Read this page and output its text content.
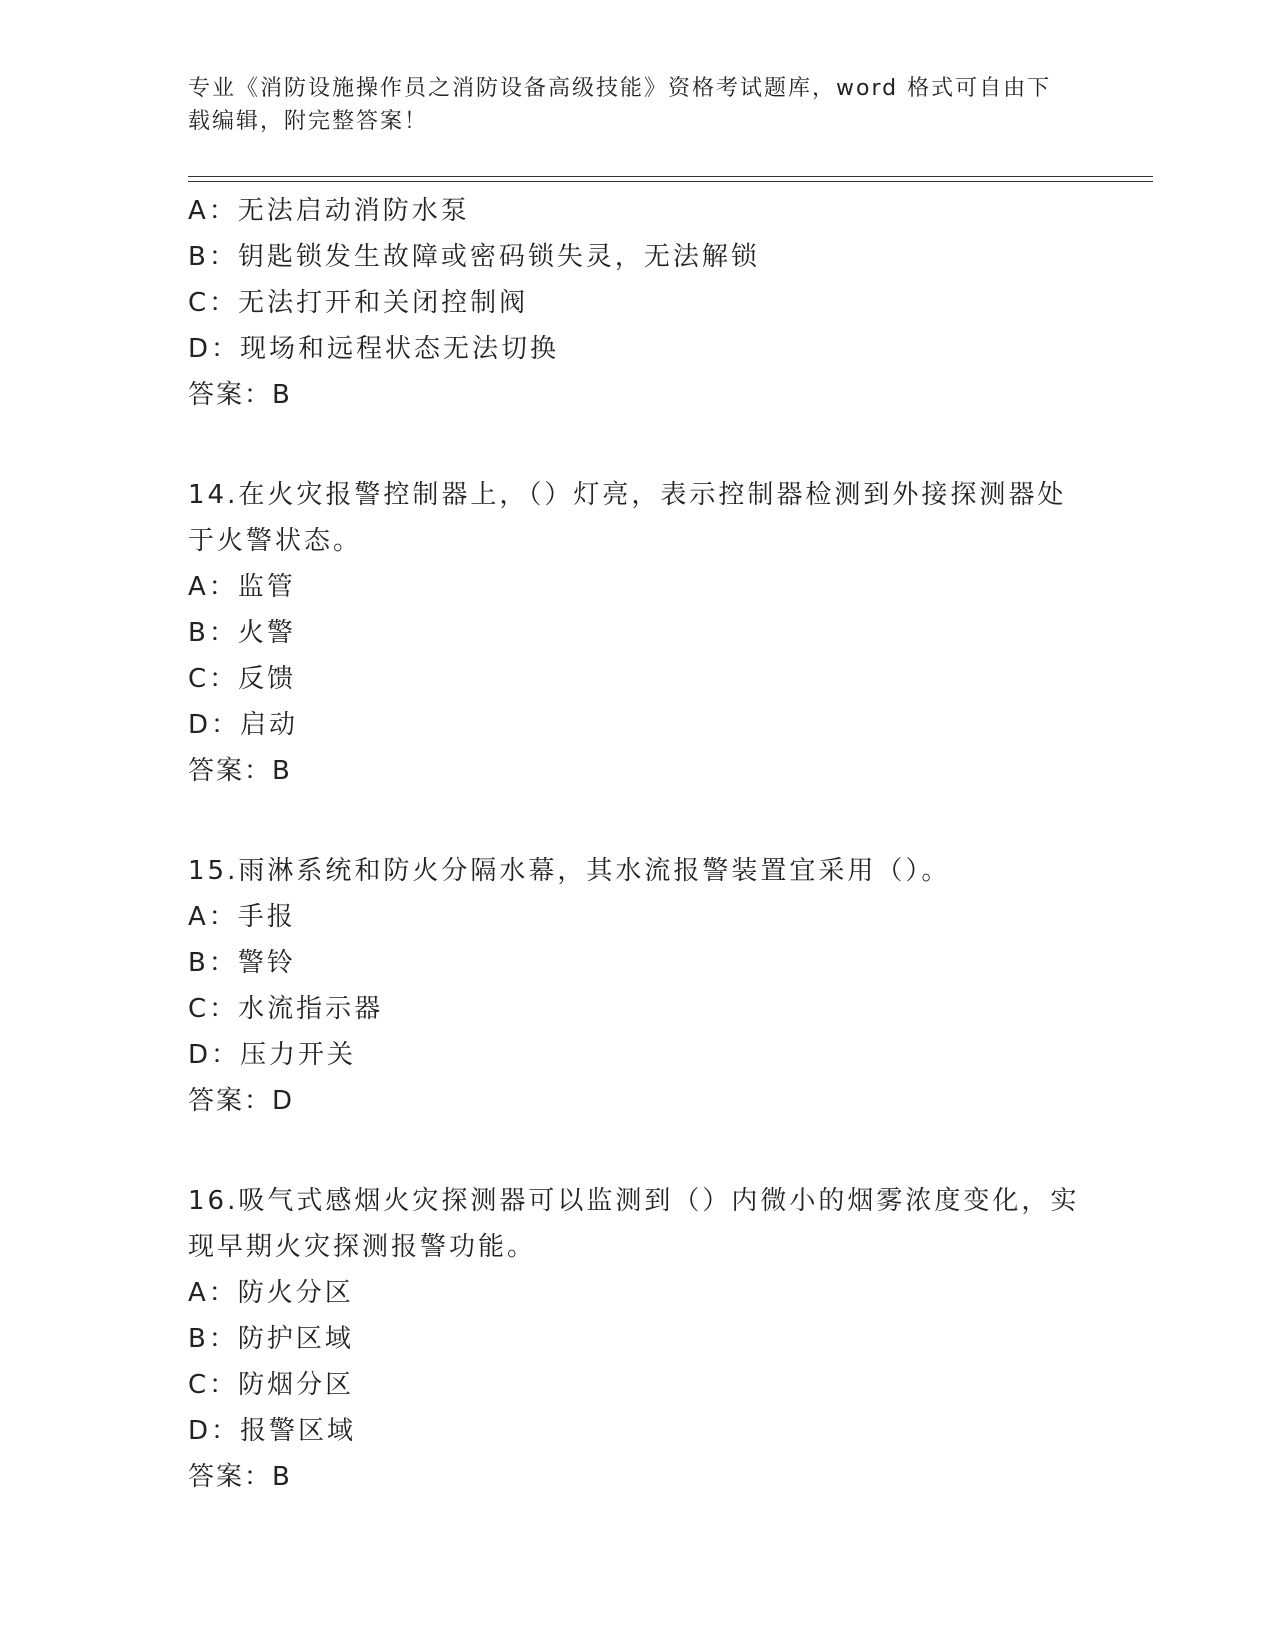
专业《消防设施操作员之消防设备高级技能》资格考试题库，word 格式可自由下
载编辑，附完整答案！
A：无法启动消防水泵
B：钥匙锁发生故障或密码锁失灵，无法解锁
C：无法打开和关闭控制阀
D：现场和远程状态无法切换
答案：B
14.在火灾报警控制器上，（）灯亮，表示控制器检测到外接探测器处于火警状态。
A：监管
B：火警
C：反馈
D：启动
答案：B
15.雨淋系统和防火分隔水幕，其水流报警装置宜采用（）。
A：手报
B：警铃
C：水流指示器
D：压力开关
答案：D
16.吸气式感烟火灾探测器可以监测到（）内微小的烟雾浓度变化，实现早期火灾探测报警功能。
A：防火分区
B：防护区域
C：防烟分区
D：报警区域
答案：B
